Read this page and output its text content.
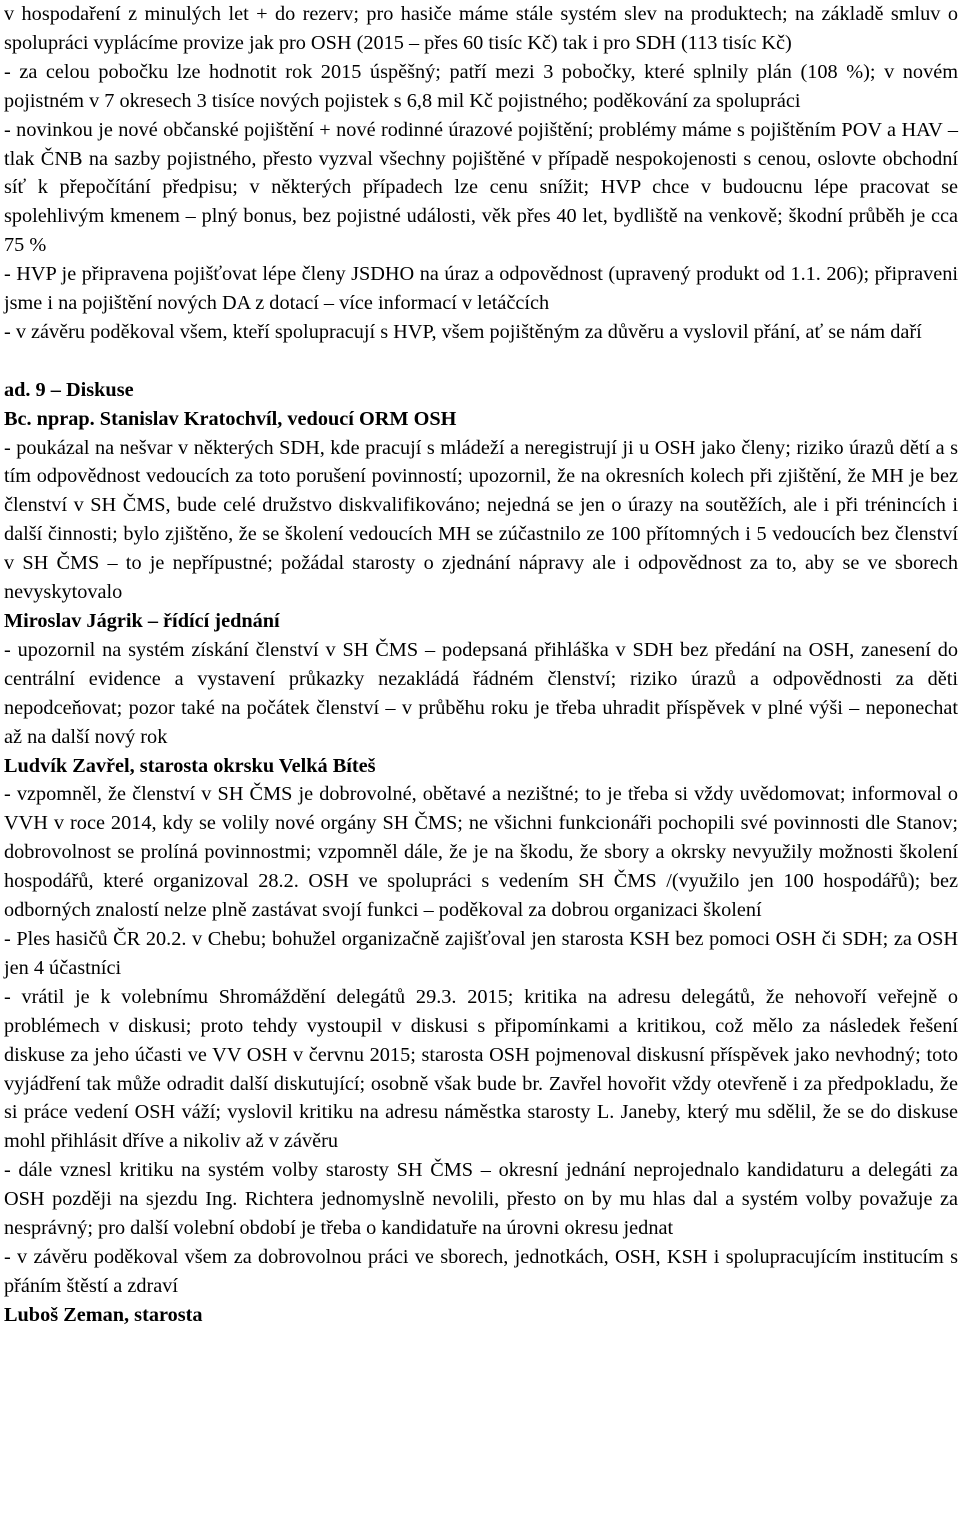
v hospodaření z minulých let + do rezerv; pro hasiče máme stále systém slev na produktech; na základě smluv o spolupráci vyplácíme provize jak pro OSH (2015 – přes 60 tisíc Kč) tak i pro SDH (113 tisíc Kč)

- za celou pobočku lze hodnotit rok 2015 úspěšný; patří mezi 3 pobočky, které splnily plán (108 %); v novém pojistném v 7 okresech 3 tisíce nových pojistek s 6,8 mil Kč pojistného; poděkování za spolupráci

- novinkou je nové občanské pojištění + nové rodinné úrazové pojištění; problémy máme s pojištěním POV a HAV – tlak ČNB na sazby pojistného, přesto vyzval všechny pojištěné v případě nespokojenosti s cenou, oslovte obchodní síť k přepočítání předpisu; v některých případech lze cenu snížit; HVP chce v budoucnu lépe pracovat se spolehlivým kmenem – plný bonus, bez pojistné události, věk přes 40 let, bydliště na venkově; škodní průběh je cca 75 %

- HVP je připravena pojišťovat lépe členy JSDHO na úraz a odpovědnost (upravený produkt od 1.1. 206); připraveni jsme i na pojištění nových DA z dotací – více informací v letáčcích

- v závěru poděkoval všem, kteří spolupracují s HVP, všem pojištěným za důvěru a vyslovil přání, ať se nám daří

ad. 9 – Diskuse

Bc. nprap. Stanislav Kratochvíl, vedoucí ORM OSH

- poukázal na nešvar v některých SDH, kde pracují s mládeží a neregistrují ji u OSH jako členy; riziko úrazů dětí a s tím odpovědnost vedoucích za toto porušení povinností; upozornil, že na okresních kolech při zjištění, že MH je bez členství v SH ČMS, bude celé družstvo diskvalifikováno; nejedná se jen o úrazy na soutěžích, ale i při trénincích i další činnosti; bylo zjištěno, že se školení vedoucích MH se zúčastnilo ze 100 přítomných i 5 vedoucích bez členství v SH ČMS – to je nepřípustné; požádal starosty o zjednání nápravy ale i odpovědnost za to, aby se ve sborech nevyskytovalo

Miroslav Jágrik – řídící jednání

- upozornil na systém získání členství v SH ČMS – podepsaná přihláška v SDH bez předání na OSH, zanesení do centrální evidence a vystavení průkazky nezakládá řádném členství; riziko úrazů a odpovědnosti za děti nepodceňovat; pozor také na počátek členství – v průběhu roku je třeba uhradit příspěvek v plné výši – neponechat až na další nový rok

Ludvík Zavřel, starosta okrsku Velká Bíteš

- vzpomněl, že členství v SH ČMS je dobrovolné, obětavé a nezištné; to je třeba si vždy uvědomovat; informoval o VVH v roce 2014, kdy se volily nové orgány SH ČMS; ne všichni funkcionáři pochopili své povinnosti dle Stanov; dobrovolnost se prolíná povinnostmi; vzpomněl dále, že je na škodu, že sbory a okrsky nevyužily možnosti školení hospodářů, které organizoval 28.2. OSH ve spolupráci s vedením SH ČMS /(využilo jen 100 hospodářů); bez odborných znalostí nelze plně zastávat svojí funkci – poděkoval za dobrou organizaci školení

- Ples hasičů ČR 20.2. v Chebu; bohužel organizačně zajišťoval jen starosta KSH bez pomoci OSH či SDH; za OSH jen 4 účastníci

- vrátil je k volebnímu Shromáždění delegátů 29.3. 2015; kritika na adresu delegátů, že nehovoří veřejně o problémech v diskusi; proto tehdy vystoupil v diskusi s připomínkami a kritikou, což mělo za následek řešení diskuse za jeho účasti ve VV OSH v červnu 2015; starosta OSH pojmenoval diskusní příspěvek jako nevhodný; toto vyjádření tak může odradit další diskutující; osobně však bude br. Zavřel hovořit vždy otevřeně i za předpokladu, že si práce vedení OSH váží; vyslovil kritiku na adresu náměstka starosty L. Janeby, který mu sdělil, že se do diskuse mohl přihlásit dříve a nikoliv až v závěru

- dále vznesl kritiku na systém volby starosty SH ČMS – okresní jednání neprojednalo kandidaturu a delegáti za OSH později na sjezdu Ing. Richtera jednomyslně nevolili, přesto on by mu hlas dal a systém volby považuje za nesprávný; pro další volební období je třeba o kandidatuře na úrovni okresu jednat

- v závěru poděkoval všem za dobrovolnou práci ve sborech, jednotkách, OSH, KSH i spolupracujícím institucím s přáním štěstí a zdraví

Luboš Zeman, starosta
